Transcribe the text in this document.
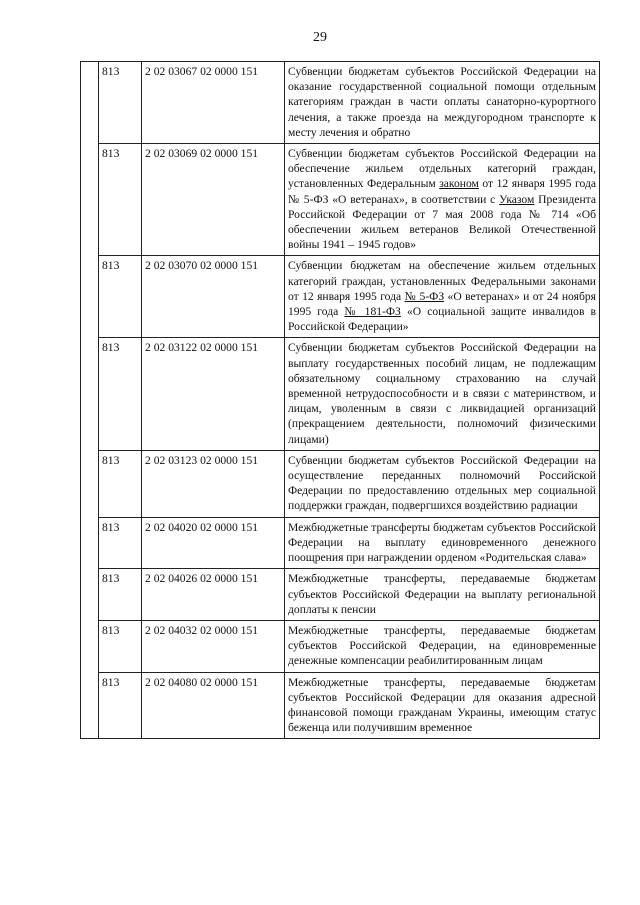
29
	813	2 02 03067 02 0000 151	Субвенции бюджетам субъектов Российской Федерации на оказание государственной социальной помощи отдельным категориям граждан в части оплаты санаторно-курортного лечения, а также проезда на междугородном транспорте к месту лечения и обратно
	813	2 02 03069 02 0000 151	Субвенции бюджетам субъектов Российской Федерации на обеспечение жильем отдельных категорий граждан, установленных Федеральным законом от 12 января 1995 года № 5-ФЗ «О ветеранах», в соответствии с Указом Президента Российской Федерации от 7 мая 2008 года № 714 «Об обеспечении жильем ветеранов Великой Отечественной войны 1941 – 1945 годов»
	813	2 02 03070 02 0000 151	Субвенции бюджетам на обеспечение жильем отдельных категорий граждан, установленных Федеральными законами от 12 января 1995 года № 5-ФЗ «О ветеранах» и от 24 ноября 1995 года № 181-ФЗ «О социальной защите инвалидов в Российской Федерации»
	813	2 02 03122 02 0000 151	Субвенции бюджетам субъектов Российской Федерации на выплату государственных пособий лицам, не подлежащим обязательному социальному страхованию на случай временной нетрудоспособности и в связи с материнством, и лицам, уволенным в связи с ликвидацией организаций (прекращением деятельности, полномочий физическими лицами)
	813	2 02 03123 02 0000 151	Субвенции бюджетам субъектов Российской Федерации на осуществление переданных полномочий Российской Федерации по предоставлению отдельных мер социальной поддержки граждан, подвергшихся воздействию радиации
	813	2 02 04020 02 0000 151	Межбюджетные трансферты бюджетам субъектов Российской Федерации на выплату единовременного денежного поощрения при награждении орденом «Родительская слава»
	813	2 02 04026 02 0000 151	Межбюджетные трансферты, передаваемые бюджетам субъектов Российской Федерации на выплату региональной доплаты к пенсии
	813	2 02 04032 02 0000 151	Межбюджетные трансферты, передаваемые бюджетам субъектов Российской Федерации, на единовременные денежные компенсации реабилитированным лицам
	813	2 02 04080 02 0000 151	Межбюджетные трансферты, передаваемые бюджетам субъектов Российской Федерации для оказания адресной финансовой помощи гражданам Украины, имеющим статус беженца или получившим временное
